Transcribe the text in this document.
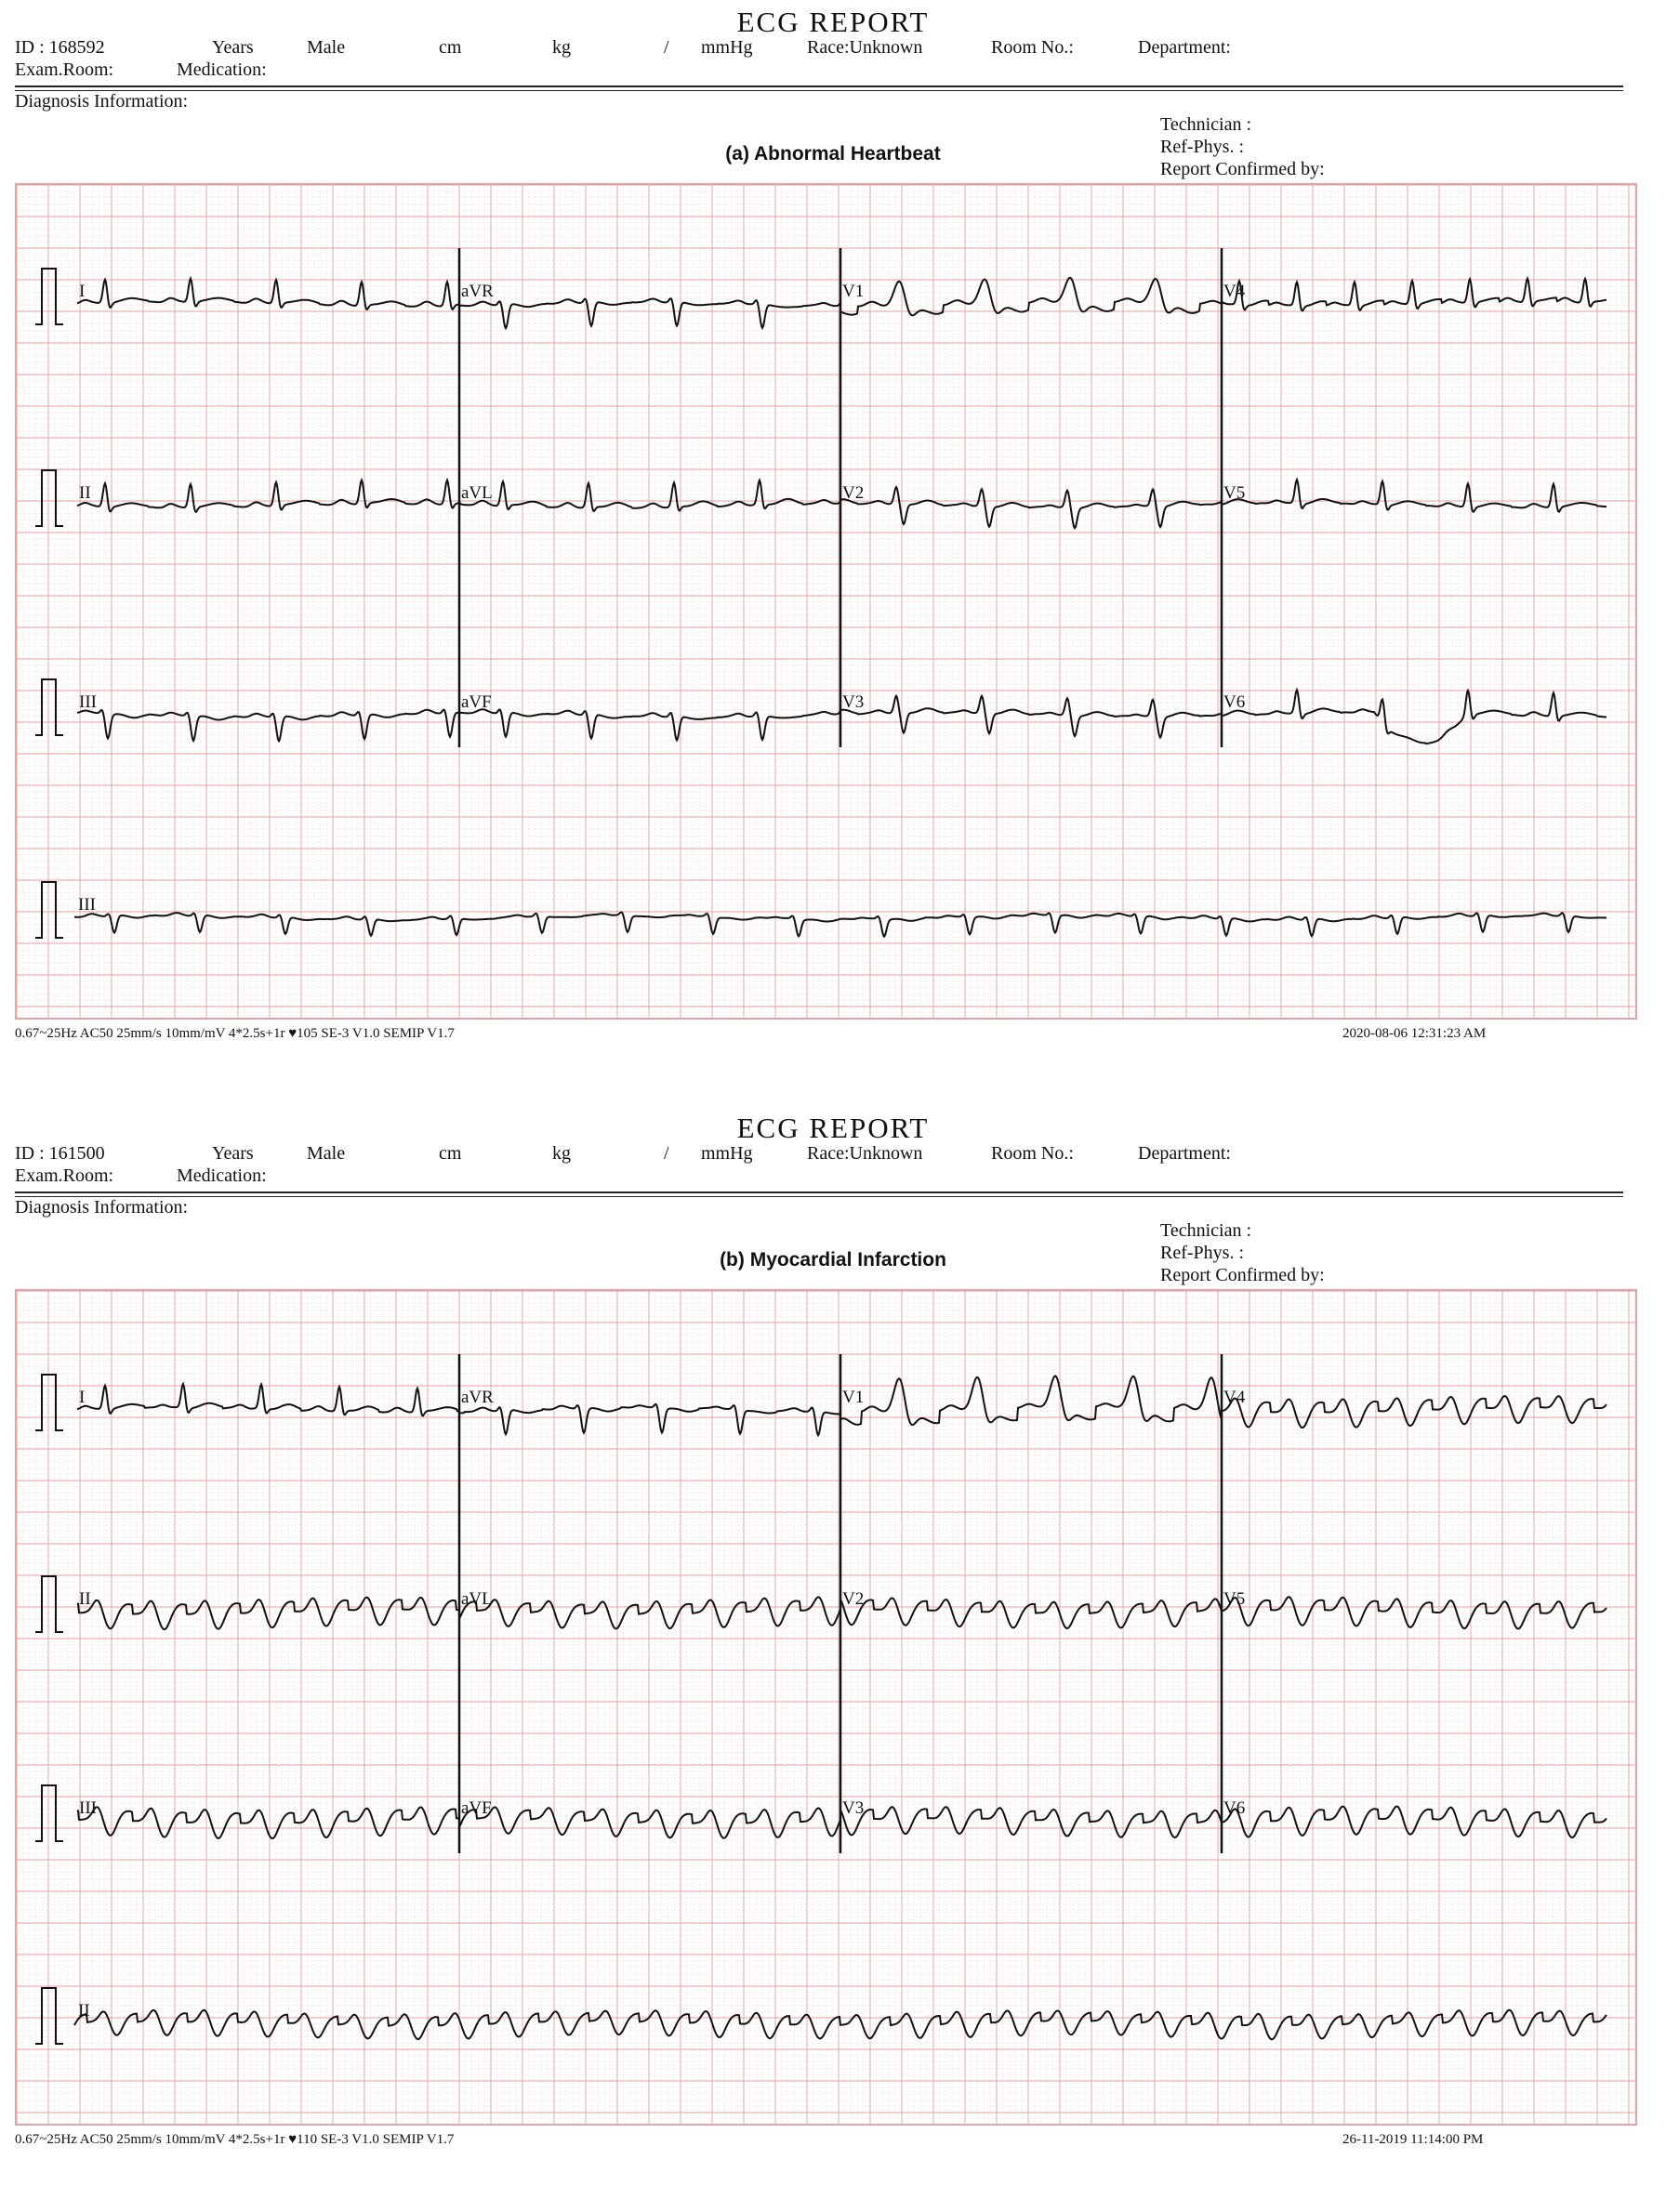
ECG REPORT
ID : 168592	Years	Male	cm	kg	/ mmHg	Race:Unknown	Room No.:	Department:
Exam.Room:	Medication:
Diagnosis Information:
Technician :
Ref-Phys. :
Report Confirmed by:
(a) Abnormal Heartbeat
I	aVR	V1	V4
II	aVL	V2	V5
III	aVF	V3	V6
III
0.67~25Hz AC50 25mm/s 10mm/mV 4*2.5s+1r ♥105 SE-3 V1.0 SEMIP V1.7	2020-08-06 12:31:23 AM
ECG REPORT
ID : 161500	Years	Male	cm	kg	/ mmHg	Race:Unknown	Room No.:	Department:
Exam.Room:	Medication:
Diagnosis Information:
Technician :
Ref-Phys. :
Report Confirmed by:
(b) Myocardial Infarction
I	aVR	V1	V4
II	aVL	V2	V5
III	aVF	V3	V6
II
0.67~25Hz AC50 25mm/s 10mm/mV 4*2.5s+1r ♥110 SE-3 V1.0 SEMIP V1.7	26-11-2019 11:14:00 PM
